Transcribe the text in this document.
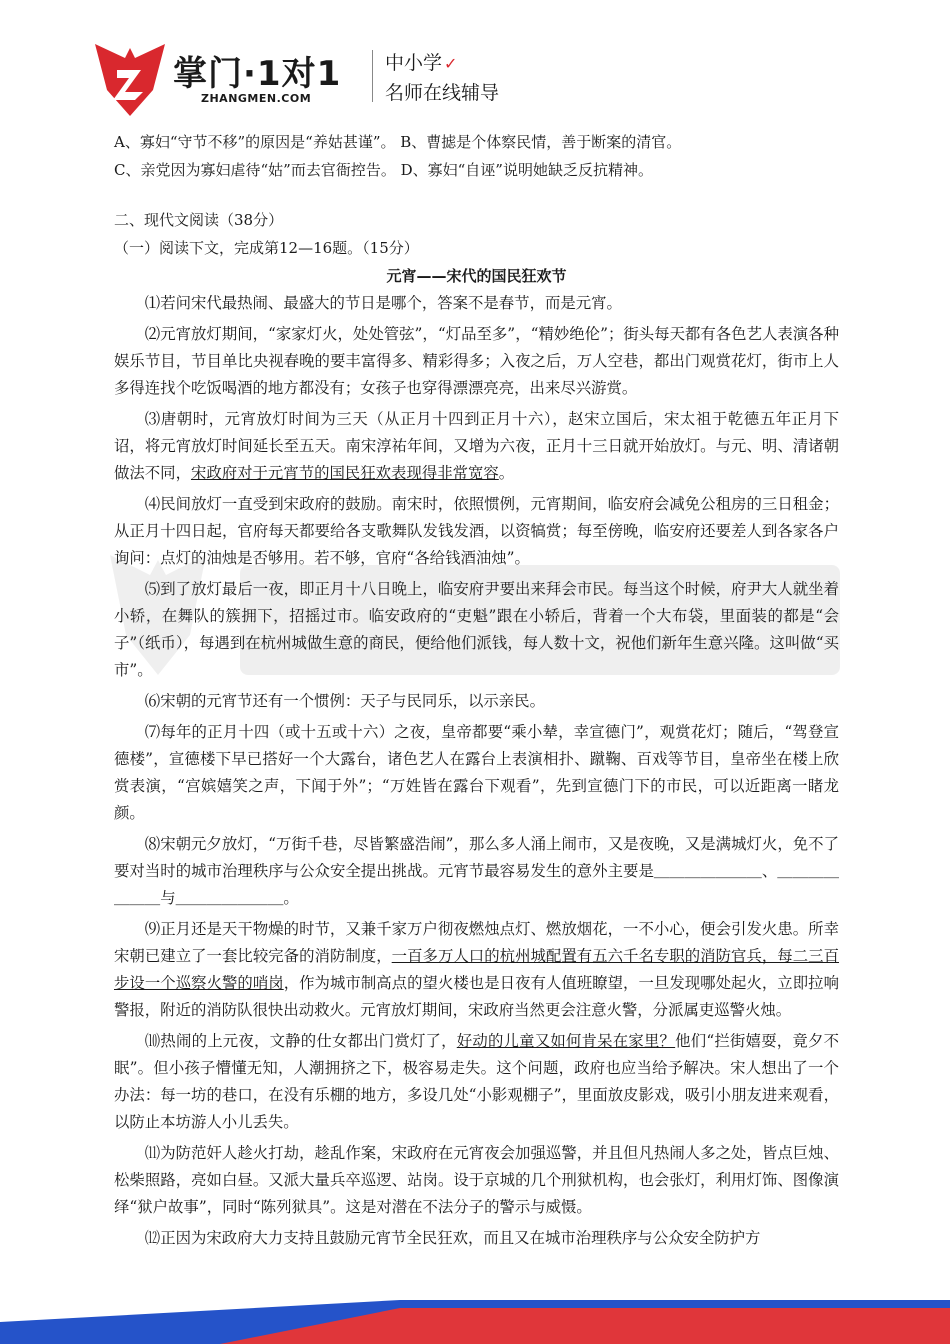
掌门·1对1
ZHANGMEN.COM
中小学 ✓
名师在线辅导
A、寡妇“守节不移”的原因是“养姑甚谨”。 B、曹摅是个体察民情，善于断案的清官。
C、亲党因为寡妇虐待“姑”而去官衙控告。 D、寡妇“自诬”说明她缺乏反抗精神。
二、现代文阅读（38分）
（一）阅读下文，完成第12—16题。（15分）
元宵——宋代的国民狂欢节

⑴若问宋代最热闹、最盛大的节日是哪个，答案不是春节，而是元宵。

⑵元宵放灯期间，“家家灯火，处处管弦”，“灯品至多”，“精妙绝伦”；街头每天都有各色艺人表演各种娱乐节目，节目单比央视春晚的要丰富得多、精彩得多；入夜之后，万人空巷，都出门观赏花灯，街市上人多得连找个吃饭喝酒的地方都没有；女孩子也穿得漂漂亮亮，出来尽兴游赏。

⑶唐朝时，元宵放灯时间为三天（从正月十四到正月十六），赵宋立国后，宋太祖于乾德五年正月下诏，将元宵放灯时间延长至五天。南宋淳祐年间，又增为六夜，正月十三日就开始放灯。与元、明、清诸朝做法不同，宋政府对于元宵节的国民狂欢表现得非常宽容。

⑷民间放灯一直受到宋政府的鼓励。南宋时，依照惯例，元宵期间，临安府会减免公租房的三日租金；从正月十四日起，官府每天都要给各支歌舞队发钱发酒，以资犒赏；每至傍晚，临安府还要差人到各家各户询问：点灯的油烛是否够用。若不够，官府“各给钱酒油烛”。

⑸到了放灯最后一夜，即正月十八日晚上，临安府尹要出来拜会市民。每当这个时候，府尹大人就坐着小轿，在舞队的簇拥下，招摇过市。临安政府的“吏魁”跟在小轿后，背着一个大布袋，里面装的都是“会子”（纸币），每遇到在杭州城做生意的商民，便给他们派钱，每人数十文，祝他们新年生意兴隆。这叫做“买市”。

⑹宋朝的元宵节还有一个惯例：天子与民同乐，以示亲民。

⑺每年的正月十四（或十五或十六）之夜，皇帝都要“乘小辇，幸宣德门”，观赏花灯；随后，“驾登宣德楼”，宣德楼下早已搭好一个大露台，诸色艺人在露台上表演相扑、蹴鞠、百戏等节目，皇帝坐在楼上欣赏表演，“宫嫔嬉笑之声，下闻于外”；“万姓皆在露台下观看”，先到宣德门下的市民，可以近距离一睹龙颜。

⑻宋朝元夕放灯，“万街千巷，尽皆繁盛浩闹”，那么多人涌上闹市，又是夜晚，又是满城灯火，免不了要对当时的城市治理秩序与公众安全提出挑战。元宵节最容易发生的意外主要是＿＿＿＿＿＿＿、＿＿＿＿＿＿＿与＿＿＿＿＿＿＿。

⑼正月还是天干物燥的时节，又兼千家万户彻夜燃烛点灯、燃放烟花，一不小心，便会引发火患。所幸宋朝已建立了一套比较完备的消防制度，一百多万人口的杭州城配置有五六千名专职的消防官兵，每二三百步设一个巡察火警的哨岗，作为城市制高点的望火楼也是日夜有人值班瞭望，一旦发现哪处起火，立即拉响警报，附近的消防队很快出动救火。元宵放灯期间，宋政府当然更会注意火警，分派属吏巡警火烛。

⑽热闹的上元夜，文静的仕女都出门赏灯了，好动的儿童又如何肯呆在家里？他们“拦街嬉耍，竟夕不眠”。但小孩子懵懂无知，人潮拥挤之下，极容易走失。这个问题，政府也应当给予解决。宋人想出了一个办法：每一坊的巷口，在没有乐棚的地方，多设几处“小影观棚子”，里面放皮影戏，吸引小朋友进来观看，以防止本坊游人小儿丢失。

⑾为防范奸人趁火打劫，趁乱作案，宋政府在元宵夜会加强巡警，并且但凡热闹人多之处，皆点巨烛、松柴照路，亮如白昼。又派大量兵卒巡逻、站岗。设于京城的几个刑狱机构，也会张灯，利用灯饰、图像演绎“狱户故事”，同时“陈列狱具”。这是对潜在不法分子的警示与威慑。

⑿正因为宋政府大力支持且鼓励元宵节全民狂欢，而且又在城市治理秩序与公众安全防护方
